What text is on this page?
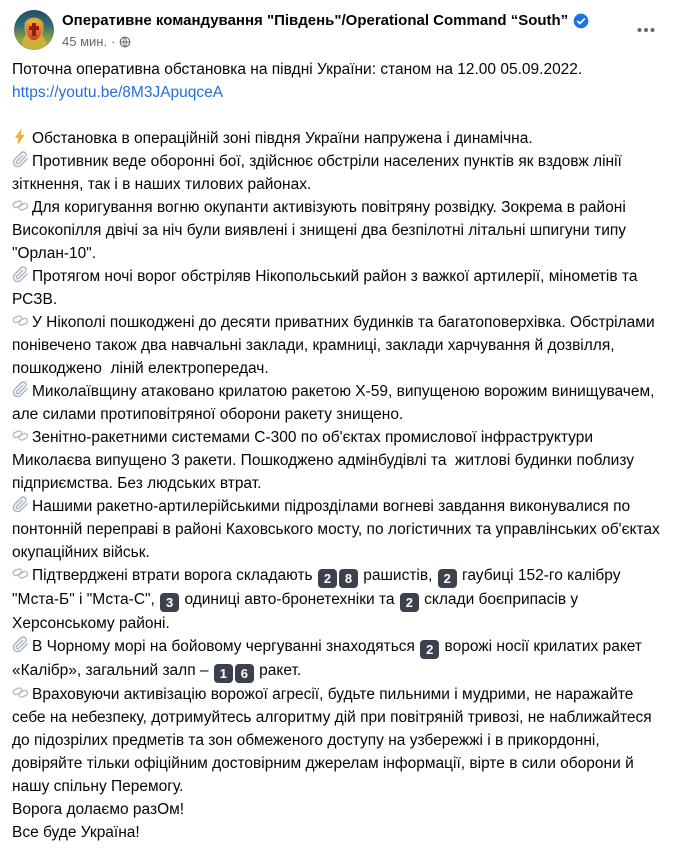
Оперативне командування "Південь"/Operational Command “South”
45 мин. ·

Поточна оперативна обстановка на півдні України: станом на 12.00 05.09.2022.

https://youtu.be/8M3JApuqceA

Обстановка в операційній зоні півдня України напружена і динамічна.

Противник веде оборонні бої, здійснює обстріли населених пунктів як вздовж лінії зіткнення, так і в наших тилових районах.

Для коригування вогню окупанти активізують повітряну розвідку. Зокрема в районі Високопілля двічі за ніч були виявлені і знищені два безпілотні літальні шпигуни типу "Орлан-10".

Протягом ночі ворог обстріляв Нікопольський район з важкої артилерії, мінометів та РСЗВ.

У Нікополі пошкоджені до десяти приватних будинків та багатоповерхівка. Обстрілами понівечено також два навчальні заклади, крамниці, заклади харчування й дозвілля, пошкоджено  ліній електропередач.

Миколаївщину атаковано крилатою ракетою Х-59, випущеною ворожим винищувачем, але силами протиповітряної оборони ракету знищено.

Зенітно-ракетними системами С-300 по об'єктах промислової інфраструктури Миколаєва випущено 3 ракети. Пошкоджено адмінбудівлі та  житлові будинки поблизу підприємства. Без людських втрат.

Нашими ракетно-артилерійськими підрозділами вогневі завдання виконувалися по понтонній переправі в районі Каховського мосту, по логістичних та управлінських об'єктах окупаційних військ.

Підтверджені втрати ворога складають 2 8 рашистів, 2 гаубиці 152-го калібру "Мста-Б" і "Мста-С", 3 одиниці авто-бронетехніки та 2 склади боєприпасів у Херсонському районі.

В Чорному морі на бойовому чергуванні знаходяться 2 ворожі носії крилатих ракет «Калібр», загальний залп – 1 6 ракет.

Враховуючи активізацію ворожої агресії, будьте пильними і мудрими, не наражайте себе на небезпеку, дотримуйтесь алгоритму дій при повітряній тривозі, не наближайтеся до підозрілих предметів та зон обмеженого доступу на узбережжі і в прикордонні, довіряйте тільки офіційним достовірним джерелам інформації, вірте в сили оборони й нашу спільну Перемогу.

Ворога долаємо разОм!

Все буде Україна!
